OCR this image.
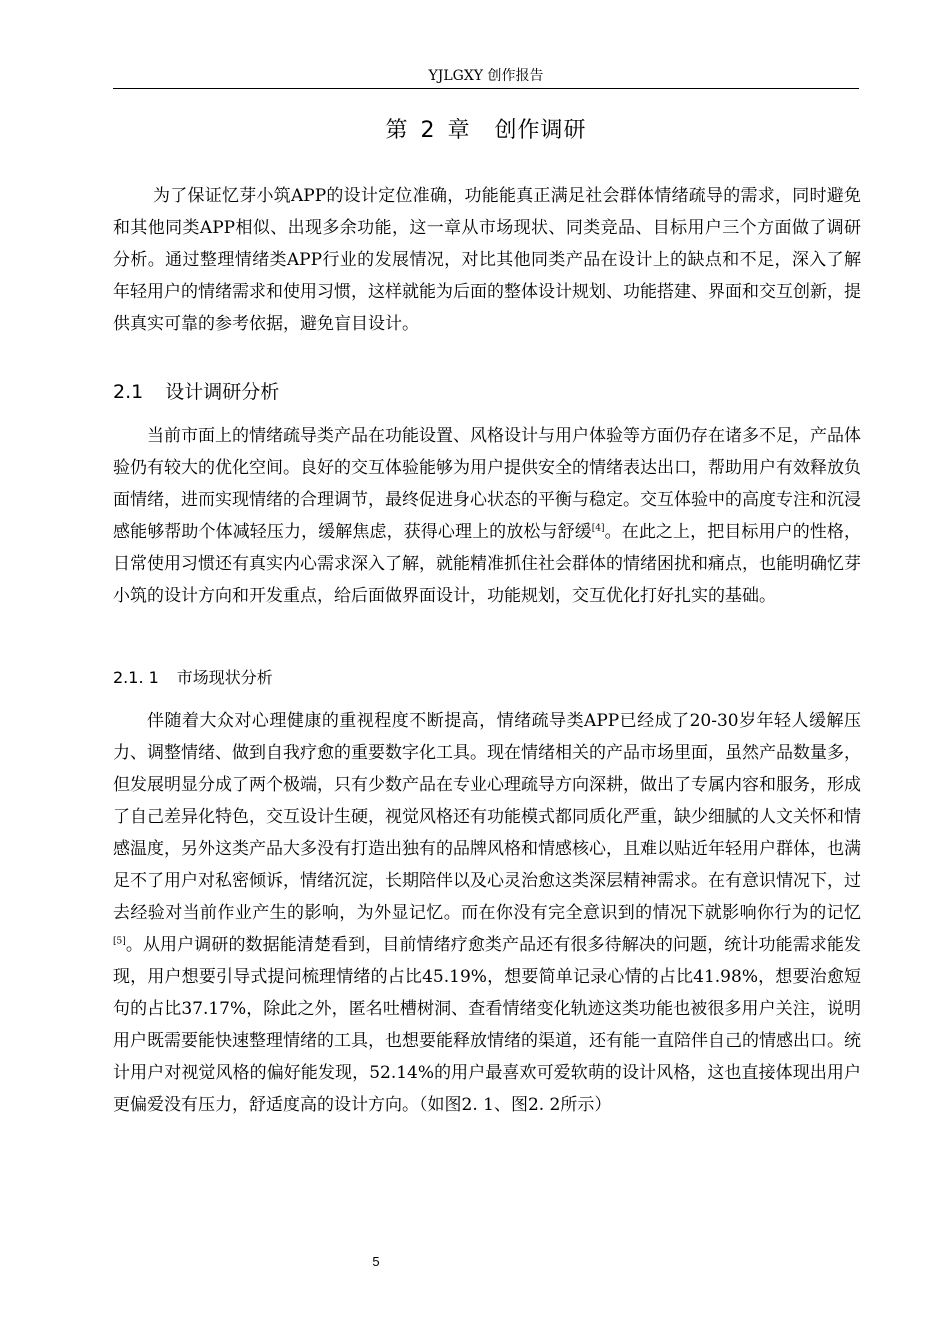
YJLGXY 创作报告
第 2 章 创作调研

为了保证忆芽小筑APP的设计定位准确，功能能真正满足社会群体情绪疏导的需求，同时避免和其他同类APP相似、出现多余功能，这一章从市场现状、同类竞品、目标用户三个方面做了调研分析。通过整理情绪类APP行业的发展情况，对比其他同类产品在设计上的缺点和不足，深入了解年轻用户的情绪需求和使用习惯，这样就能为后面的整体设计规划、功能搭建、界面和交互创新，提供真实可靠的参考依据，避免盲目设计。

2.1 设计调研分析

当前市面上的情绪疏导类产品在功能设置、风格设计与用户体验等方面仍存在诸多不足，产品体验仍有较大的优化空间。良好的交互体验能够为用户提供安全的情绪表达出口，帮助用户有效释放负面情绪，进而实现情绪的合理调节，最终促进身心状态的平衡与稳定。交互体验中的高度专注和沉浸感能够帮助个体减轻压力，缓解焦虑，获得心理上的放松与舒缓[4]。在此之上，把目标用户的性格，日常使用习惯还有真实内心需求深入了解，就能精准抓住社会群体的情绪困扰和痛点，也能明确忆芽小筑的设计方向和开发重点，给后面做界面设计，功能规划，交互优化打好扎实的基础。

2.1. 1 市场现状分析

伴随着大众对心理健康的重视程度不断提高，情绪疏导类APP已经成了20-30岁年轻人缓解压力、调整情绪、做到自我疗愈的重要数字化工具。现在情绪相关的产品市场里面，虽然产品数量多，但发展明显分成了两个极端，只有少数产品在专业心理疏导方向深耕，做出了专属内容和服务，形成了自己差异化特色，交互设计生硬，视觉风格还有功能模式都同质化严重，缺少细腻的人文关怀和情感温度，另外这类产品大多没有打造出独有的品牌风格和情感核心，且难以贴近年轻用户群体，也满足不了用户对私密倾诉，情绪沉淀，长期陪伴以及心灵治愈这类深层精神需求。在有意识情况下，过去经验对当前作业产生的影响，为外显记忆。而在你没有完全意识到的情况下就影响你行为的记忆[5]。从用户调研的数据能清楚看到，目前情绪疗愈类产品还有很多待解决的问题，统计功能需求能发现，用户想要引导式提问梳理情绪的占比45.19%，想要简单记录心情的占比41.98%，想要治愈短句的占比37.17%，除此之外，匿名吐槽树洞、查看情绪变化轨迹这类功能也被很多用户关注，说明用户既需要能快速整理情绪的工具，也想要能释放情绪的渠道，还有能一直陪伴自己的情感出口。统计用户对视觉风格的偏好能发现，52.14%的用户最喜欢可爱软萌的设计风格，这也直接体现出用户更偏爱没有压力，舒适度高的设计方向。（如图2. 1、图2. 2所示）

5
